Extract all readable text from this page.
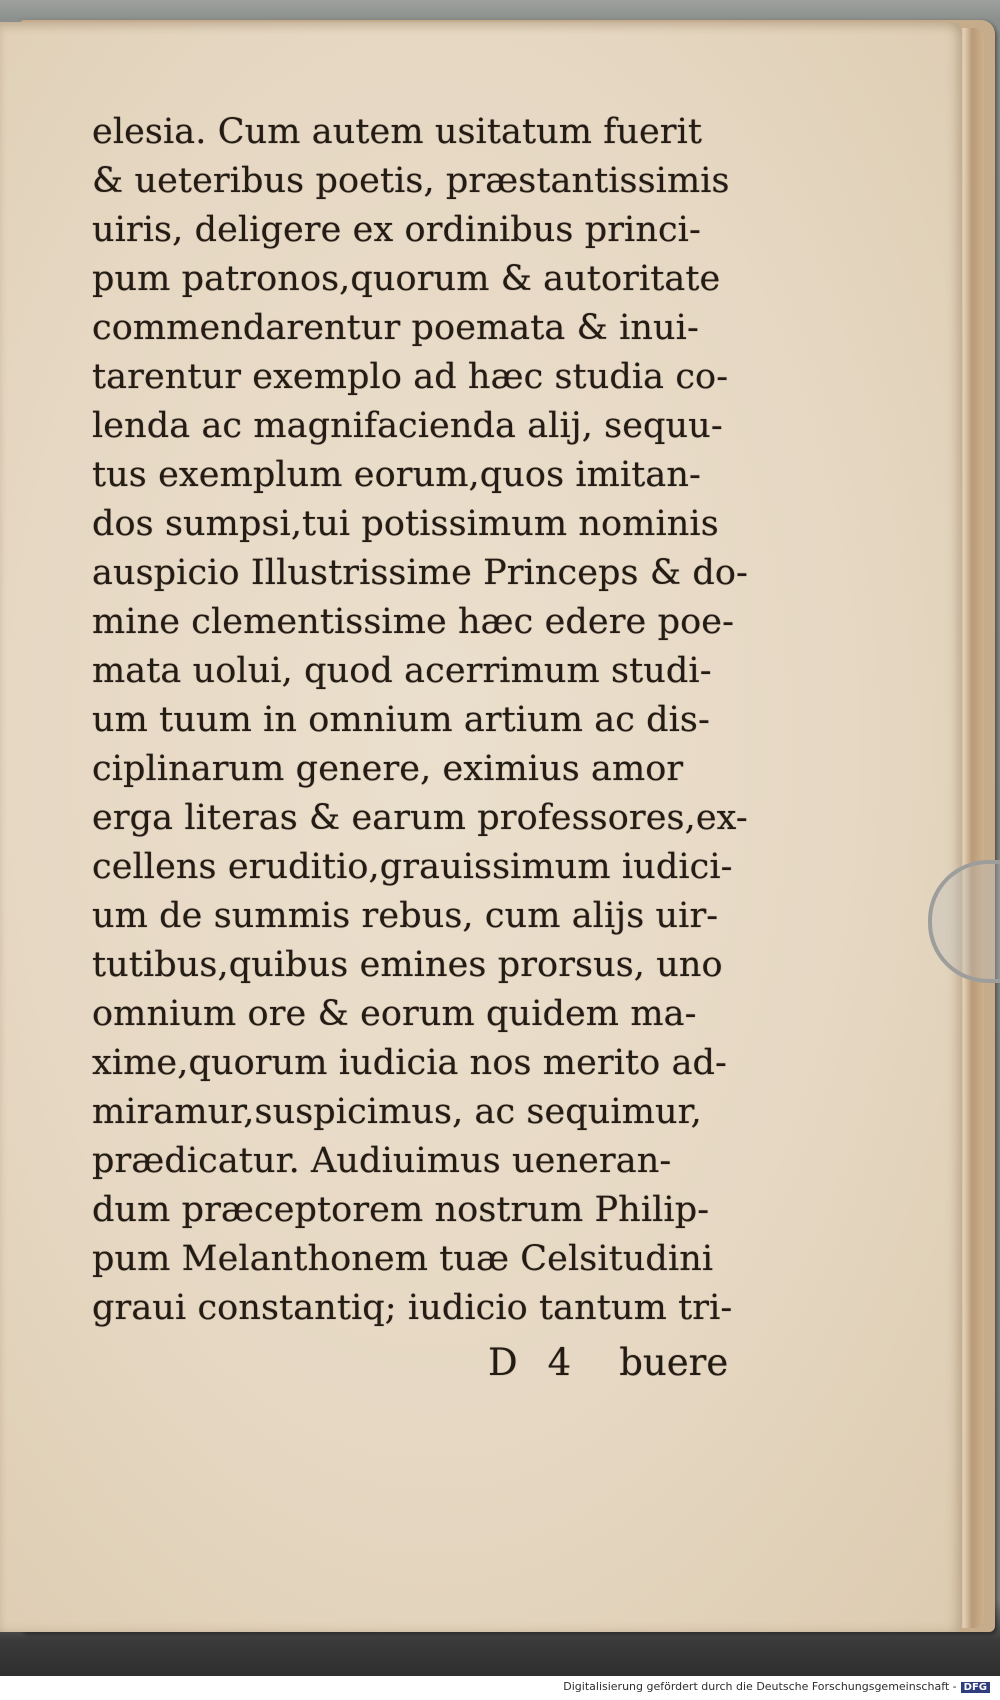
elesia. Cum autem usitatum fuerit
& ueteribus poetis, præstantissimis
uiris, deligere ex ordinibus princi-
pum patronos,quorum & autoritate
commendarentur poemata & inui-
tarentur exemplo ad hæc studia co-
lenda ac magnifacienda alij, sequu-
tus exemplum eorum,quos imitan-
dos sumpsi,tui potissimum nominis
auspicio Illustrissime Princeps & do-
mine clementissime hæc edere poe-
mata uolui, quod acerrimum studi-
um tuum in omnium artium ac dis-
ciplinarum genere, eximius amor
erga literas & earum professores,ex-
cellens eruditio,grauissimum iudici-
um de summis rebus, cum alijs uir-
tutibus,quibus emines prorsus, uno
omnium ore & eorum quidem ma-
xime,quorum iudicia nos merito ad-
miramur,suspicimus, ac sequimur,
prædicatur. Audiuimus ueneran-
dum præceptorem nostrum Philip-
pum Melanthonem tuæ Celsitudini
graui constantiq; iudicio tantum tri-
D 4 buere
Digitalisierung gefördert durch die Deutsche Forschungsgemeinschaft - DFG
